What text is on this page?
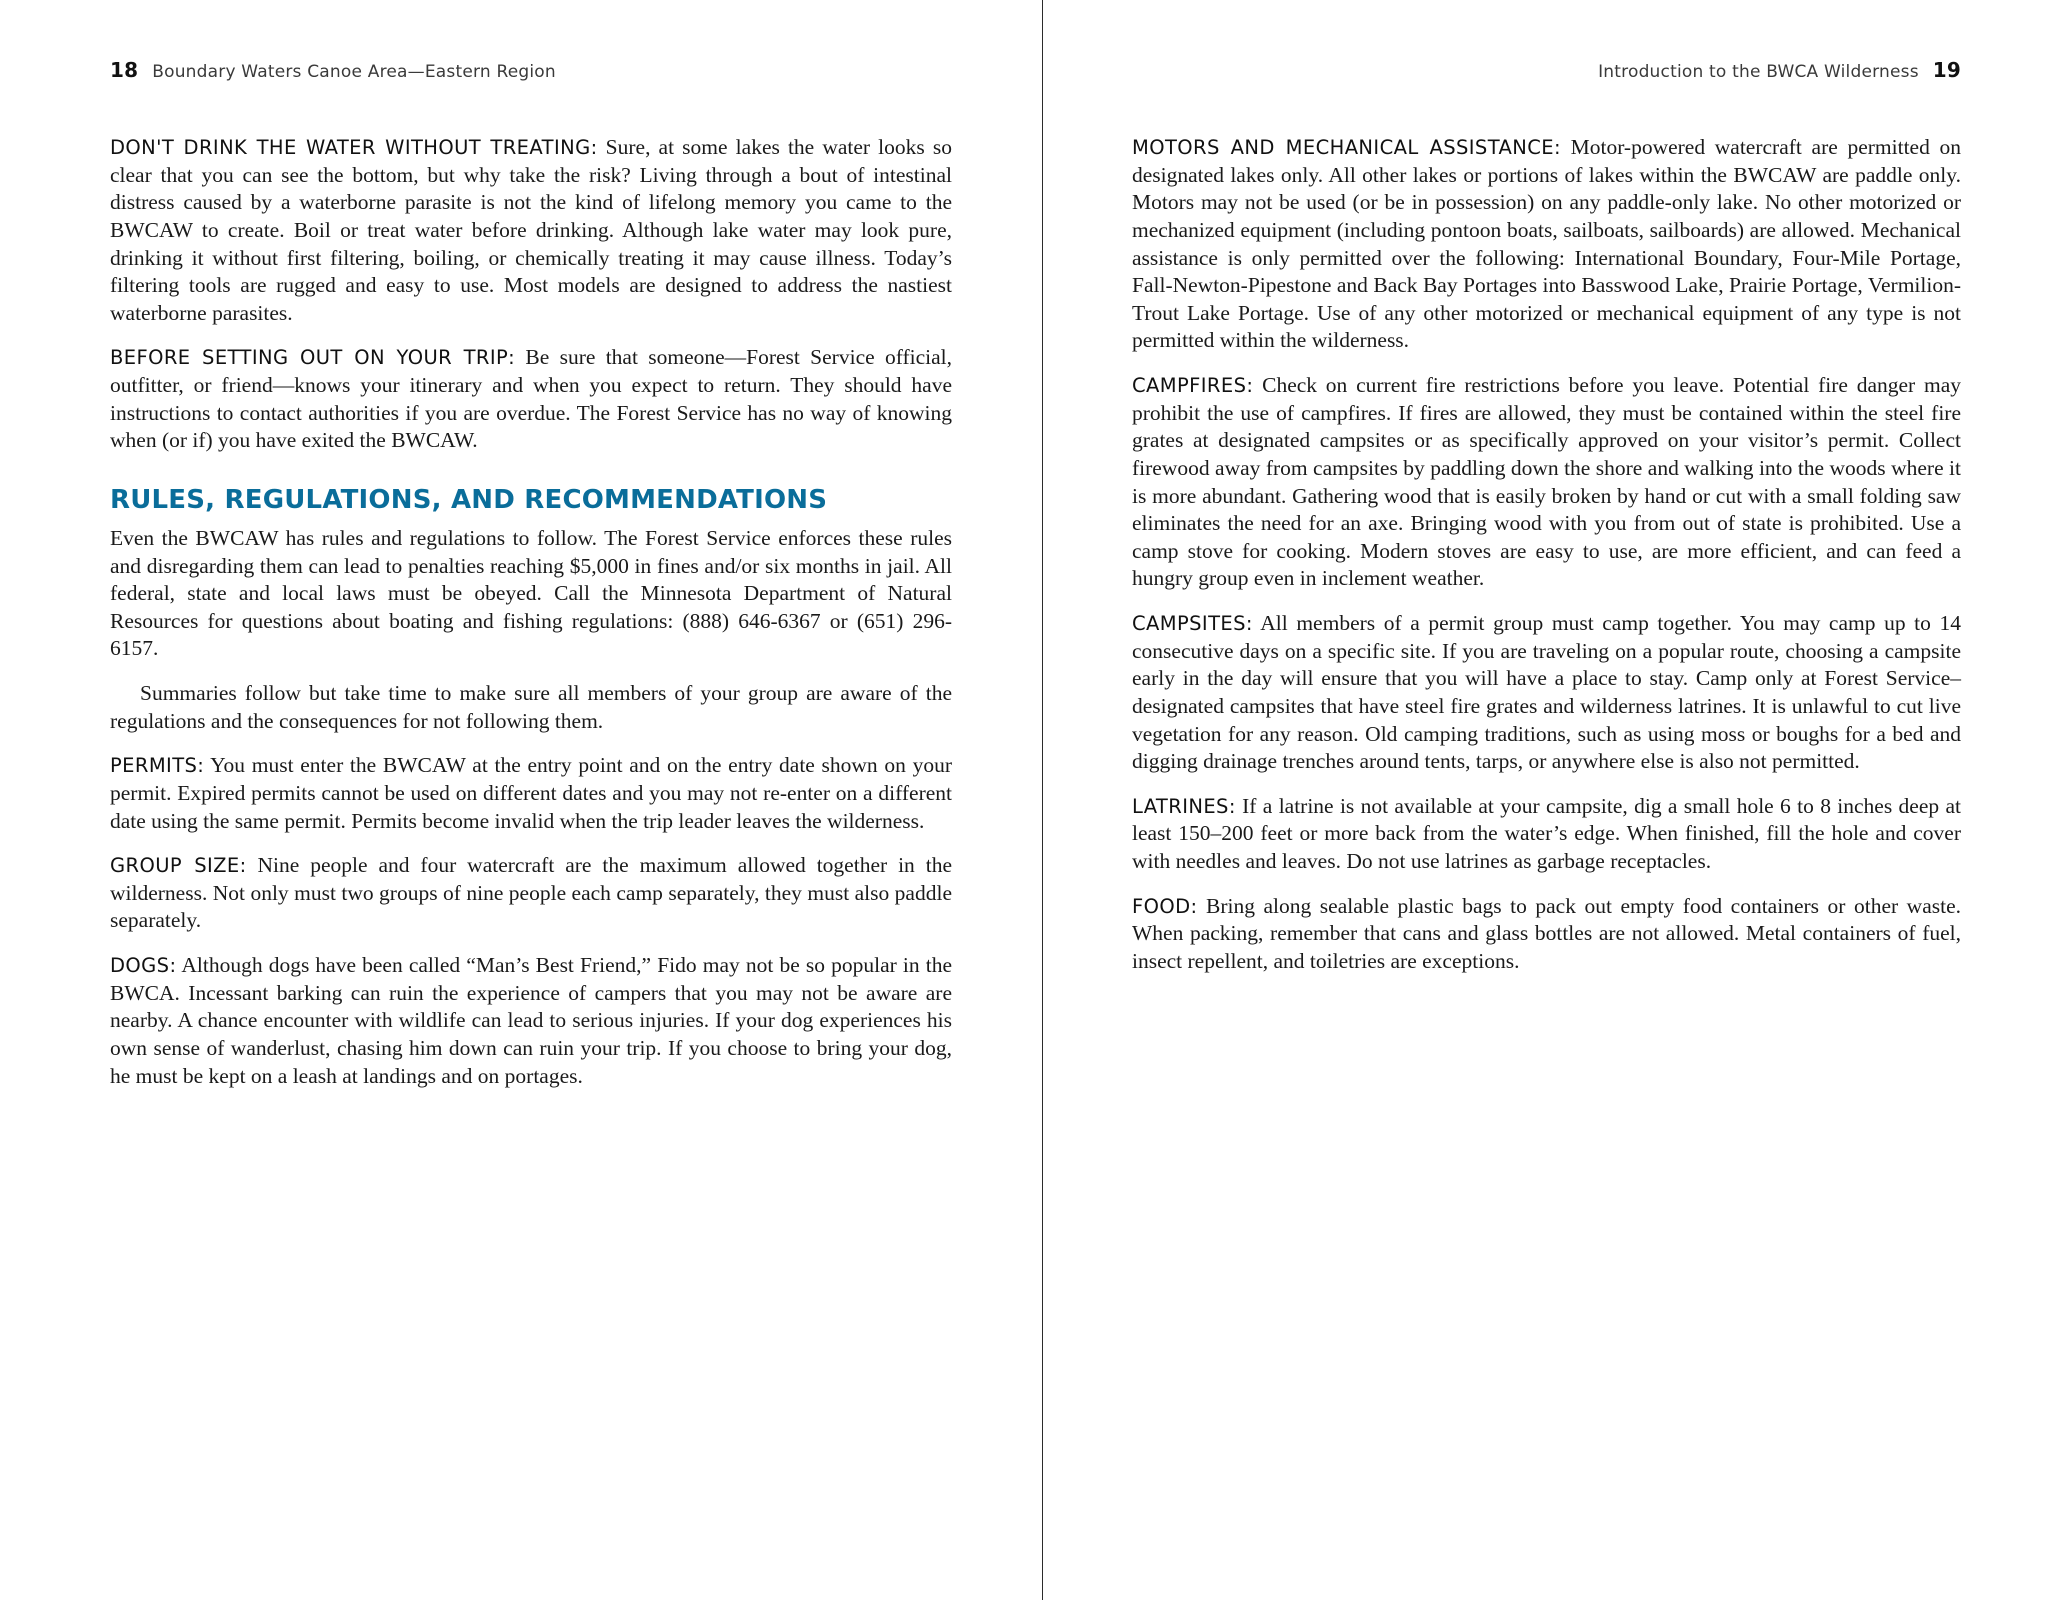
18 Boundary Waters Canoe Area—Eastern Region

DON'T DRINK THE WATER WITHOUT TREATING: Sure, at some lakes the water looks so clear that you can see the bottom, but why take the risk? Living through a bout of intestinal distress caused by a waterborne parasite is not the kind of lifelong memory you came to the BWCAW to create. Boil or treat water before drinking. Although lake water may look pure, drinking it without first filtering, boiling, or chemically treating it may cause illness. Today’s filtering tools are rugged and easy to use. Most models are designed to address the nastiest waterborne parasites.

BEFORE SETTING OUT ON YOUR TRIP: Be sure that someone—Forest Service official, outfitter, or friend—knows your itinerary and when you expect to return. They should have instructions to contact authorities if you are overdue. The Forest Service has no way of knowing when (or if) you have exited the BWCAW.

RULES, REGULATIONS, AND RECOMMENDATIONS

Even the BWCAW has rules and regulations to follow. The Forest Service enforces these rules and disregarding them can lead to penalties reaching $5,000 in fines and/or six months in jail. All federal, state and local laws must be obeyed. Call the Minnesota Department of Natural Resources for questions about boating and fishing regulations: (888) 646-6367 or (651) 296-6157.

Summaries follow but take time to make sure all members of your group are aware of the regulations and the consequences for not following them.

PERMITS: You must enter the BWCAW at the entry point and on the entry date shown on your permit. Expired permits cannot be used on different dates and you may not re-enter on a different date using the same permit. Permits become invalid when the trip leader leaves the wilderness.

GROUP SIZE: Nine people and four watercraft are the maximum allowed together in the wilderness. Not only must two groups of nine people each camp separately, they must also paddle separately.

DOGS: Although dogs have been called “Man’s Best Friend,” Fido may not be so popular in the BWCA. Incessant barking can ruin the experience of campers that you may not be aware are nearby. A chance encounter with wildlife can lead to serious injuries. If your dog experiences his own sense of wanderlust, chasing him down can ruin your trip. If you choose to bring your dog, he must be kept on a leash at landings and on portages.

Introduction to the BWCA Wilderness 19

MOTORS AND MECHANICAL ASSISTANCE: Motor-powered watercraft are permitted on designated lakes only. All other lakes or portions of lakes within the BWCAW are paddle only. Motors may not be used (or be in possession) on any paddle-only lake. No other motorized or mechanized equipment (including pontoon boats, sailboats, sailboards) are allowed. Mechanical assistance is only permitted over the following: International Boundary, Four-Mile Portage, Fall-Newton-Pipestone and Back Bay Portages into Basswood Lake, Prairie Portage, Vermilion-Trout Lake Portage. Use of any other motorized or mechanical equipment of any type is not permitted within the wilderness.

CAMPFIRES: Check on current fire restrictions before you leave. Potential fire danger may prohibit the use of campfires. If fires are allowed, they must be contained within the steel fire grates at designated campsites or as specifically approved on your visitor’s permit. Collect firewood away from campsites by paddling down the shore and walking into the woods where it is more abundant. Gathering wood that is easily broken by hand or cut with a small folding saw eliminates the need for an axe. Bringing wood with you from out of state is prohibited. Use a camp stove for cooking. Modern stoves are easy to use, are more efficient, and can feed a hungry group even in inclement weather.

CAMPSITES: All members of a permit group must camp together. You may camp up to 14 consecutive days on a specific site. If you are traveling on a popular route, choosing a campsite early in the day will ensure that you will have a place to stay. Camp only at Forest Service–designated campsites that have steel fire grates and wilderness latrines. It is unlawful to cut live vegetation for any reason. Old camping traditions, such as using moss or boughs for a bed and digging drainage trenches around tents, tarps, or anywhere else is also not permitted.

LATRINES: If a latrine is not available at your campsite, dig a small hole 6 to 8 inches deep at least 150–200 feet or more back from the water’s edge. When finished, fill the hole and cover with needles and leaves. Do not use latrines as garbage receptacles.

FOOD: Bring along sealable plastic bags to pack out empty food containers or other waste. When packing, remember that cans and glass bottles are not allowed. Metal containers of fuel, insect repellent, and toiletries are exceptions.
